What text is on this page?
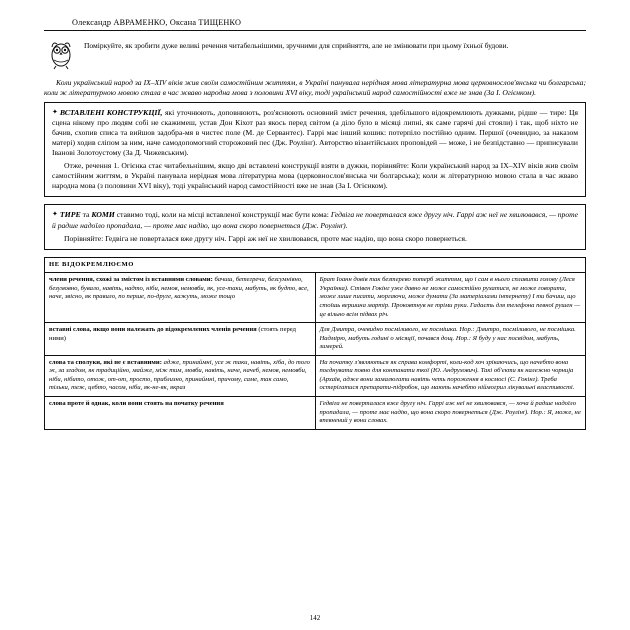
Олександр АВРАМЕНКО, Оксана ТИЩЕНКО
Поміркуйте, як зробити дуже великі речення читабельнішими, зручними для сприйняття, але не змінювати при цьому їхньої будови.
Коли український народ за IX–XIV віків жив своїм самостійним життям, в Україні панувала нерідная мова літературна мова церковнослов'янська чи болгарська; коли ж літературною мовою стала в час жваво народна мова з половини XVI віку, тоді український народ самостійності вже не знав (За І. Огієнком).
✦ ВСТАВЛЕНІ КОНСТРУКЦІЇ, які уточнюють, доповнюють, роз'яснюють основний зміст речення, здебільшого відокремлюють дужками, рідше — тире: Ця сцена нікому про людям собі не скажимеш, устав Дон Кіхот раз якось перед світом (а діло було в місяці липні, як саме гарячі дні стояли) і так, щоб ніхто не бачив, схопив списа та вийшов задобра-мя в чистеє поле (М. де Сервантес). Гаррі має інший кошик: потерпіло постійно одним. Першої (очевидно, за наказом матері) ходив сліпом за ним, наче самодопомогний сторожовий пес (Дж. Роулінґ). Авторство візантійських проповідей — може, і не безпідставно — приписували Іванові Золотоустому (За Д. Чижевським).
Отже, речення 1. Огієнка стає читабельнішим, якщо дві вставлені конструкції взяти в дужки, порівняйте: Коли український народ за IX–XIV віків жив своїм самостійним життям, в Україні панувала нерідная мова літературна мова (церковнослов'янська чи болгарська); коли ж літературною мовою стала в час жваво народна мова (з половини XVI віку), тоді український народ самостійності вже не знав (За І. Огієнком).
✦ ТИРЕ та КОМИ ставимо тоді, коли на місці вставленої конструкції має бути кома: Гедвіга не поверталася вже другу ніч. Гаррі аж неї не хвилювався, — проте й радше надоїло пропадала, — проте має надію, що вона скоро повернеться (Дж. Роулінґ).
Порівняйте: Гедвіга не поверталася вже другу ніч. Гаррі аж неї не хвилювався, проте має надію, що вона скоро повернеться.
НЕ ВІДОКРЕМЛЮЄМО	
члени речення, схожі за змістом із вставними словами: бачиш, бетегречи, безсумнівно, безумовно, бувало, навіть, надто, ніби, немов, немовби, як, усе-таки, мабуть, як будто, все, наче, звісно, як правило, по перше, по-друге, кажуть, може тощо	Брат Іоанн довів так безтерево потерб життям, що і сам в нього сплавити голову (Леся Українка). Стівен Гокінг уже давно не може самостійно рухатися, не може говорити, може лише писати, моргаючи, може думати (За матеріалами інтернету) І ти бачиш, що стоїшь вершина мартір. Проковтнув не тріми руки. Гадаєть для телефона певної рушен — це вільно всім підвах річ.
вставні слова, якщо вони належать до відокремлених членів речення (стоять перед ними)	Для Дмитра, очевидно посміливого, не посмішка. Нор.: Дмитро, посміливого, не посмішка. Надмірю, мабуть годині о місяції, почався дощ. Нор.: Я буду у нас посвідом, мабуть, зимерей.
слова та сполуки, які не є вставними: адже, принаймні, усе ж таки, навіть, хіба, до того ж, за згадом, як традиційно, майже, між тим, мовби, навіть, наче, начеб, немов, немовби, ніби, нібито, отож, от-от, просто, приблизно, принаймні, причому, саме, так само, тільки, теж, цебто, часом, ніби, як-не-як, якраз	На початку з'являються як справа комфорті, коли-код хоч зрікаючись, що начебто вона поєднувати повно для контакати ткої (Ю. Андрухович). Такі об'єкти як належно чорнија (Архаїв, адже вони замалюгати навіть четь пороження в космосі (С. Гокінг). Треба остерігатися препарати-підробок, що мають начебто ніймогрил лікувальні властивості.
слова проте й однак, коли вони стоять на початку речення	Гедвіга не поверталася вже другу ніч. Гаррі аж неї не хвилювався, — хоча й радше надоїло пропадала, — проте має надію, що вона скоро повернеться (Дж. Роулінґ). Нор.: Я, може, не впевнений у вони словах.
142
